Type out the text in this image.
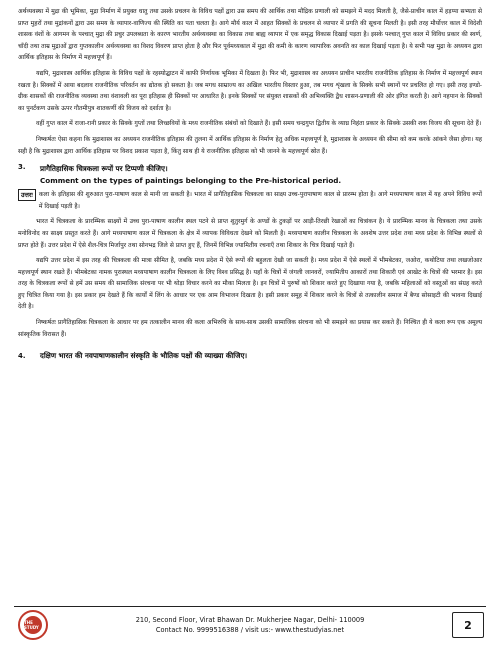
अर्थव्यवस्था में मुद्रा की भूमिका, मुद्रा निर्माण में प्रयुक्त धातु तथा उसके प्रचलन के विविध पक्षों द्वारा उस समय की आर्थिक तथा मौद्रिक प्रणाली को समझने में मदद मिलती है, जैसे-प्राचीन काल में हड़प्पा सभ्यता से प्राप्त मुहरों तथा मुद्रांकनों द्वारा उस समय के व्यापार-वाणिज्य की स्थिति का पता चलता है। आगे मौर्य काल में आहत सिक्कों के प्रचलन से व्यापार में प्रगति की सूचना मिलती है। इसी तरह मौर्योत्तर काल में विदेशी शासक वंशों के आगमन के पश्चात् मुद्रा की प्रचुर उपलब्धता के कारण भारतीय अर्थव्यवस्था का विकास तथा बाह्य व्यापार में एक समृद्ध विकास दिखाई पड़ता है। इसके पश्चात् गुप्त काल में विविध प्रकार की स्वर्ण, चाँदी तथा ताम्र मुद्राओं द्वारा गुप्तकालीन अर्थव्यवस्था का विशद विवरण प्राप्त होता है और फिर पूर्वमध्यकाल में मुद्रा की कमी के कारण व्यापारिक अवनति का काल दिखाई पड़ता है। ये सभी पक्ष मुद्रा के अध्ययन द्वारा आर्थिक इतिहास के निर्माण में महत्त्वपूर्ण हैं।

यद्यपि, मुद्राशास्त्र आर्थिक इतिहास के विविध पक्षों के रहस्योद्घाटन में काफी निर्णायक भूमिका में दिखता है। फिर भी, मुद्राशास्त्र का अध्ययन प्राचीन भारतीय राजनीतिक इतिहास के निर्माण में महत्त्वपूर्ण स्थान रखता है। सिक्कों में आया बदलाव राजनीतिक परिवर्तन का द्योतक हो सकता है। जब मगध साम्राज्य का अखिल भारतीय विस्तार हुआ, तब मगध शृंखला के सिक्के सभी स्थानों पर प्रचलित हो गए। इसी तरह इण्डो-ग्रीक शासकों की राजनीतिक व्यवस्था तथा वंशावली का पूरा इतिहास ही सिक्कों पर आधारित है। इनके सिक्कों पर संयुक्त शासकों की अभिव्यक्ति द्वैध शासन-प्रणाली की ओर इंगित करती है। आगे नहपान के सिक्कों का पुनर्टंकण उसके ऊपर गौतमीपुत्र शातकर्णी की विजय को दर्शाता है।

वहीं गुप्त काल में राजा-रानी प्रकार के सिक्के गुप्तों तथा लिच्छवियों के मध्य राजनीतिक संबंधों को दिखाते हैं। इसी समय चन्द्रगुप्त द्वितीय के व्याघ्र निहंता प्रकार के सिक्के उसकी शक विजय की सूचना देते हैं।

निष्कर्षतः ऐसा कहना कि मुद्राशास्त्र का अध्ययन राजनीतिक इतिहास की तुलना में आर्थिक इतिहास के निर्माण हेतु अधिक महत्त्वपूर्ण है, मुद्राशास्त्र के अध्ययन की सीमा को कम करके आंकने जैसा होगा। यह सही है कि मुद्राशास्त्र द्वारा आर्थिक इतिहास पर विशद प्रकाश पड़ता है, किंतु साथ ही ये राजनीतिक इतिहास को भी जानने के महत्त्वपूर्ण स्रोत हैं।

3.	प्रागैतिहासिक चित्रकला रूपों पर टिप्पणी कीजिए।
Comment on the types of paintings belonging to the Pre-historical period.
उत्तरः कला के इतिहास की शुरुआत पुरा-पाषाण काल से मानी जा सकती है। भारत में प्रागैतिहासिक चित्रकला का साक्ष्य उच्च-पुरापाषाण काल से प्रारम्भ होता है। आगे मध्यपाषाण काल में यह अपने विविध रूपों में दिखाई पड़ती है।

भारत में चित्रकला के प्रारम्भिक साक्ष्यों में उच्च पुरा-पाषाण कालीन स्थल पटने से प्राप्त शुतुरमुर्ग के अण्डों के टुकड़ों पर आड़ी-तिरछी रेखाओं का चित्रांकन है। ये प्रारम्भिक मानव के चित्रकला तथा उसके मनोविनोद का साक्ष्य प्रस्तुत करते हैं। आगे मध्यपाषाण काल में चित्रकला के क्षेत्र में व्यापक विविधता देखने को मिलती है। मध्यपाषाण कालीन चित्रकला के अवशेष उत्तर प्रदेश तथा मध्य प्रदेश के विभिन्न स्थलों से प्राप्त होते हैं। उत्तर प्रदेश में ऐसे शैल-चित्र मिर्जापुर तथा सोनभद्र जिले से प्राप्त हुए हैं, जिनमें विभिन्न ज्यामितीय रचनाएँ तथा शिकार के चित्र दिखाई पड़ते हैं।

यद्यपि उत्तर प्रदेश में इस तरह की चित्रकला की मात्रा सीमित है, जबकि मध्य प्रदेश में ऐसे रूपों की बहुलता देखी जा सकती है। मध्य प्रदेश में ऐसे स्थलों में भीमबेटका, जओरा, कथोटिया तथा लखजोआर महत्त्वपूर्ण स्थान रखते हैं। भीमबेटका नामक पुरास्थल मध्यपाषाण कालीन चित्रकला के लिए विश्व प्रसिद्ध है। यहाँ के चित्रों में जंगली जानवरों, ज्यामितीय आकारों तथा शिकारी एवं आखेट के चित्रों की भरमार है। इस तरह के चित्रकला रूपों से हमें उस समय की सामाजिक संरचना पर भी थोड़ा विचार करने का मौका मिलता है। इन चित्रों में पुरुषों को शिकार करते हुए दिखाया गया है, जबकि महिलाओं को वस्तुओं का संग्रह करते हुए चित्रित किया गया है। इस प्रकार हम देखते हैं कि कार्यों में लिंग के आधार पर एक आम विभाजन दिखता है। इसी प्रकार समूह में शिकार करने के चित्रों से तत्कालीन समाज में बैण्ड सोसाइटी की भावना दिखाई देती है।

निष्कर्षतः प्रागैतिहासिक चित्रकला के आधार पर हम तत्कालीन मानव की कला अभिरुचि के साथ-साथ उसकी सामाजिक संरचना को भी समझने का प्रयास कर सकते हैं। निश्चित ही ये कला रूप एक अमूल्य सांस्कृतिक विरासत हैं।

4.	दक्षिण भारत की नवपाषाणकालीन संस्कृति के भौतिक पक्षों की व्याख्या कीजिए।
THE STUDY
210, Second Floor, Virat Bhawan Dr. Mukherjee Nagar, Delhi- 110009
Contact No. 9999516388 / visit us:- www.thestudyias.net	2
